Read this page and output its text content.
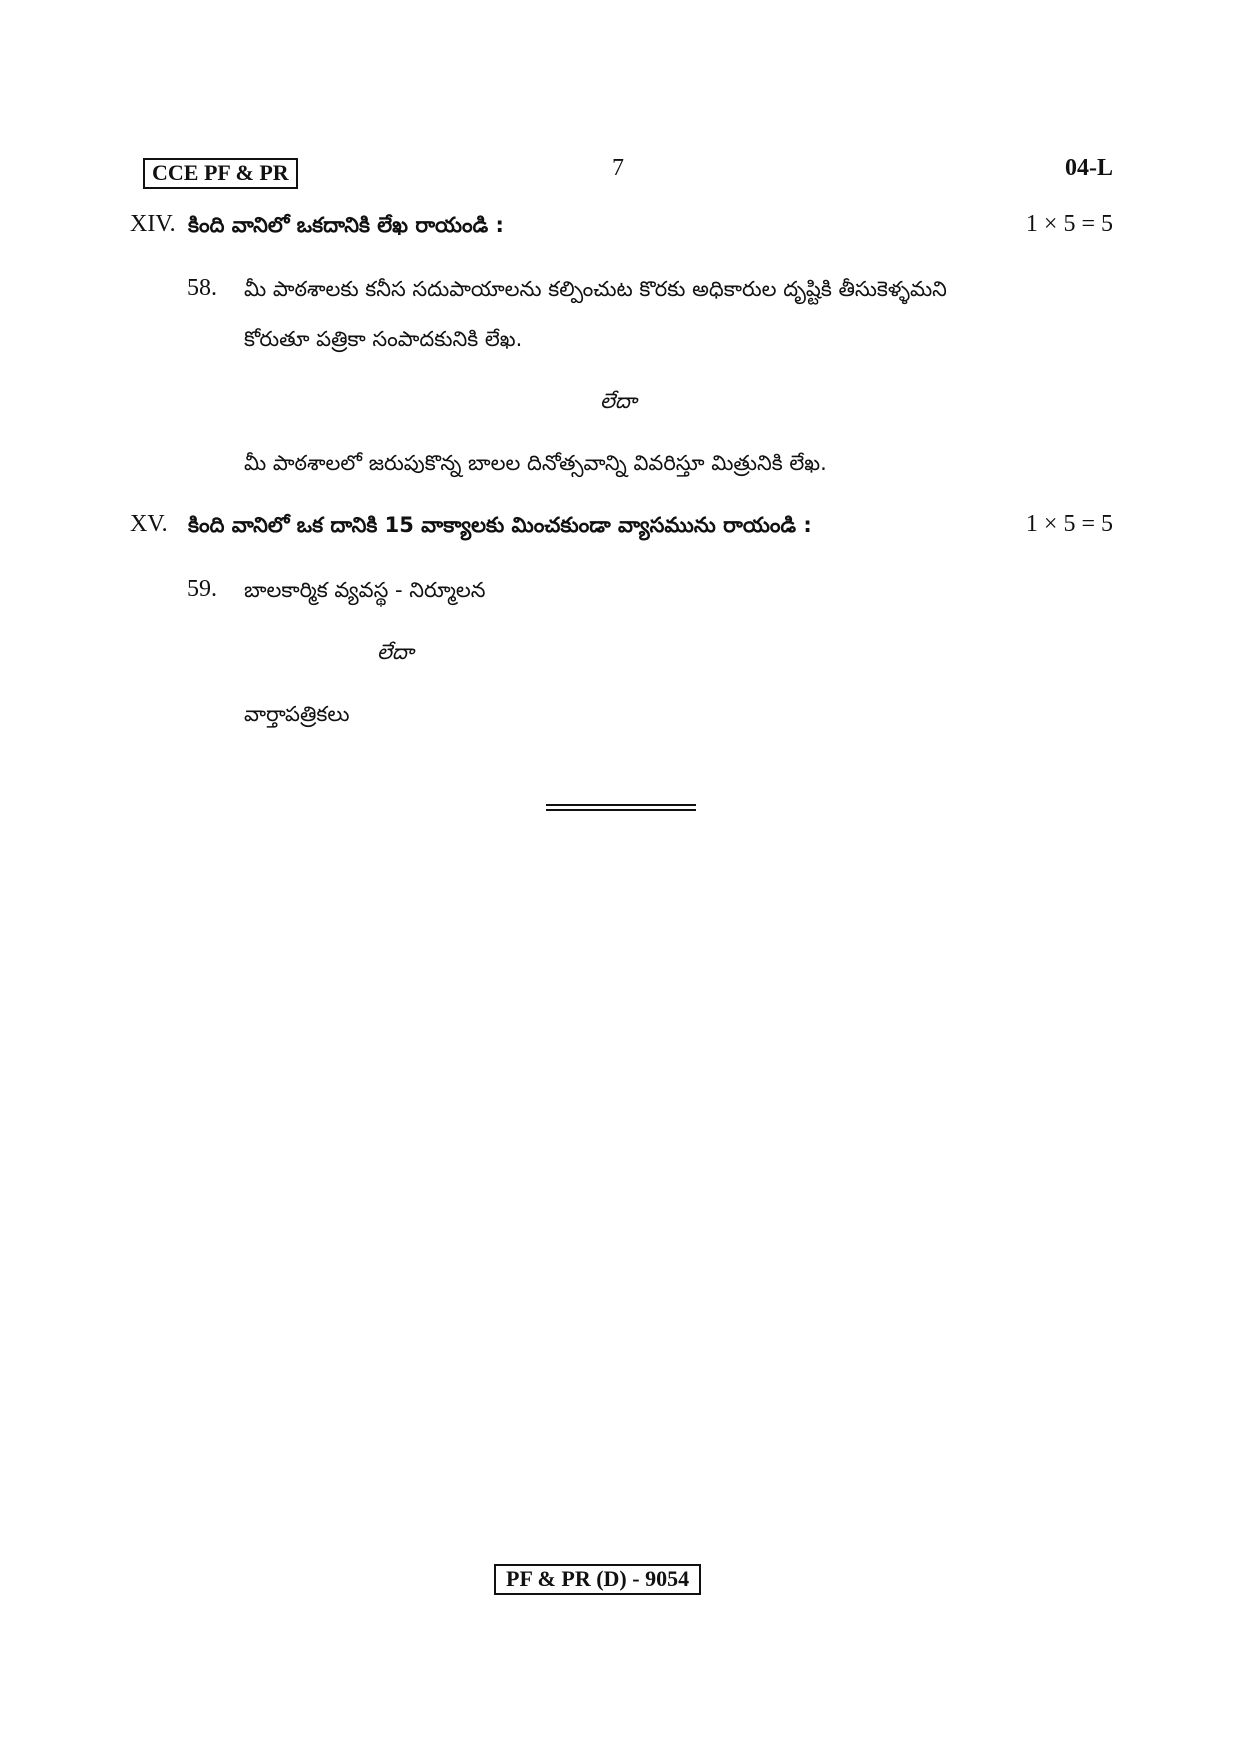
CCE PF & PR	7	04-L
XIV. కింది వానిలో ఒకదానికి లేఖ రాయండి :	1 × 5 = 5
58. మీ పాఠశాలకు కనీస సదుపాయాలను కల్పించుట కొరకు అధికారుల దృష్టికి తీసుకెళ్ళమని
కోరుతూ పత్రికా సంపాదకునికి లేఖ.
లేదా
మీ పాఠశాలలో జరుపుకొన్న బాలల దినోత్సవాన్ని వివరిస్తూ మిత్రునికి లేఖ.
XV. కింది వానిలో ఒక దానికి 15 వాక్యాలకు మించకుండా వ్యాసమును రాయండి :	1 × 5 = 5
59. బాలకార్మిక వ్యవస్థ - నిర్మూలన
లేదా
వార్తాపత్రికలు
PF & PR (D) - 9054
